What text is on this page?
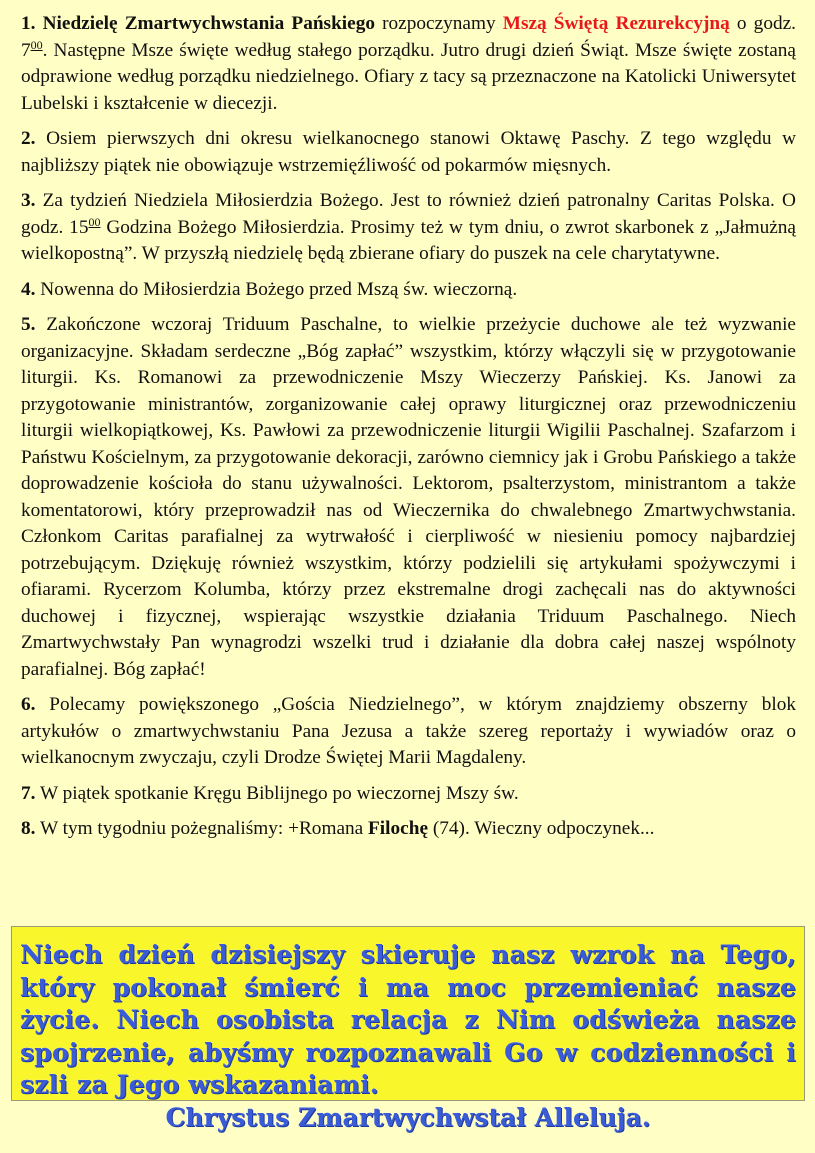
1. Niedzielę Zmartwychwstania Pańskiego rozpoczynamy Mszą Świętą Rezurekcyjną o godz. $7^{00}$. Następne Msze święte według stałego porządku. Jutro drugi dzień Świąt. Msze święte zostaną odprawione według porządku niedzielnego. Ofiary z tacy są przeznaczone na Katolicki Uniwersytet Lubelski i kształcenie w diecezji.

2. Osiem pierwszych dni okresu wielkanocnego stanowi Oktawę Paschy. Z tego względu w najbliższy piątek nie obowiązuje wstrzemięźliwość od pokarmów mięsnych.

3. Za tydzień Niedziela Miłosierdzia Bożego. Jest to również dzień patronalny Caritas Polska. O godz. $15^{00}$ Godzina Bożego Miłosierdzia. Prosimy też w tym dniu, o zwrot skarbonek z „Jałmużną wielkopostną”. W przyszłą niedzielę będą zbierane ofiary do puszek na cele charytatywne.

4. Nowenna do Miłosierdzia Bożego przed Mszą św. wieczorną.

5. Zakończone wczoraj Triduum Paschalne, to wielkie przeżycie duchowe ale też wyzwanie organizacyjne. Składam serdeczne „Bóg zapłać” wszystkim, którzy włączyli się w przygotowanie liturgii. Ks. Romanowi za przewodniczenie Mszy Wieczerzy Pańskiej. Ks. Janowi za przygotowanie ministrantów, zorganizowanie całej oprawy liturgicznej oraz przewodniczeniu liturgii wielkopiątkowej, Ks. Pawłowi za przewodniczenie liturgii Wigilii Paschalnej. Szafarzom i Państwu Kościelnym, za przygotowanie dekoracji, zarówno ciemnicy jak i Grobu Pańskiego a także doprowadzenie kościoła do stanu używalności. Lektorom, psalterzystom, ministrantom a także komentatorowi, który przeprowadził nas od Wieczernika do chwalebnego Zmartwychwstania. Członkom Caritas parafialnej za wytrwałość i cierpliwość w niesieniu pomocy najbardziej potrzebującym. Dziękuję również wszystkim, którzy podzielili się artykułami spożywczymi i ofiarami. Rycerzom Kolumba, którzy przez ekstremalne drogi zachęcali nas do aktywności duchowej i fizycznej, wspierając wszystkie działania Triduum Paschalnego. Niech Zmartwychwstały Pan wynagrodzi wszelki trud i działanie dla dobra całej naszej wspólnoty parafialnej. Bóg zapłać!

6. Polecamy powiększonego „Gościa Niedzielnego”, w którym znajdziemy obszerny blok artykułów o zmartwychwstaniu Pana Jezusa a także szereg reportaży i wywiadów oraz o wielkanocnym zwyczaju, czyli Drodze Świętej Marii Magdaleny.

7. W piątek spotkanie Kręgu Biblijnego po wieczornej Mszy św.

8. W tym tygodniu pożegnaliśmy: +Romana Filochę (74). Wieczny odpoczynek...

Niech dzień dzisiejszy skieruje nasz wzrok na Tego, który pokonał śmierć i ma moc przemieniać nasze życie. Niech osobista relacja z Nim odświeża nasze spojrzenie, abyśmy rozpoznawali Go w codzienności i szli za Jego wskazaniami.

Chrystus Zmartwychwstał Alleluja.
